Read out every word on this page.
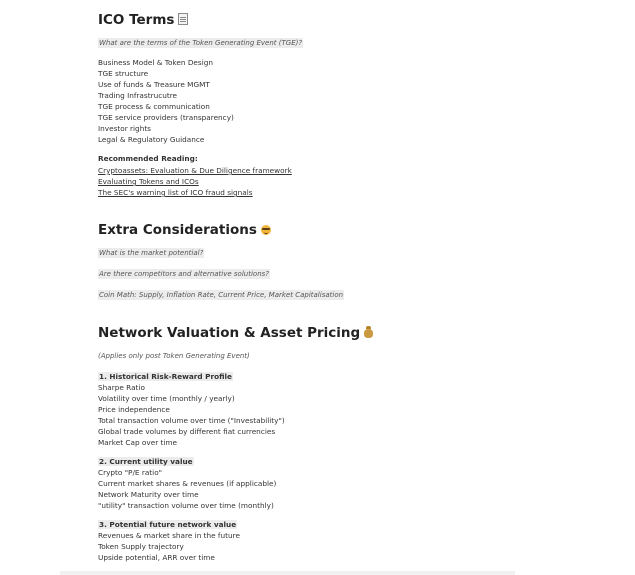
ICO Terms
What are the terms of the Token Generating Event (TGE)?
Business Model & Token Design
TGE structure
Use of funds & Treasure MGMT
Trading Infrastrucutre
TGE process & communication
TGE service providers (transparency)
Investor rights
Legal & Regulatory Guidance
Recommended Reading:
Cryptoassets: Evaluation & Due Diligence framework
Evaluating Tokens and ICOs
The SEC's warning list of ICO fraud signals
Extra Considerations
What is the market potential?
Are there competitors and alternative solutions?
Coin Math: Supply, Inflation Rate, Current Price, Market Capitalisation
Network Valuation & Asset Pricing
(Applies only post Token Generating Event)
1. Historical Risk-Reward Profile
Sharpe Ratio
Volatility over time (monthly / yearly)
Price independence
Total transaction volume over time ("Investability")
Global trade volumes by different fiat currencies
Market Cap over time
2. Current utility value
Crypto "P/E ratio"
Current market shares & revenues (if applicable)
Network Maturity over time
"utility" transaction volume over time (monthly)
3. Potential future network value
Revenues & market share in the future
Token Supply trajectory
Upside potential, ARR over time
